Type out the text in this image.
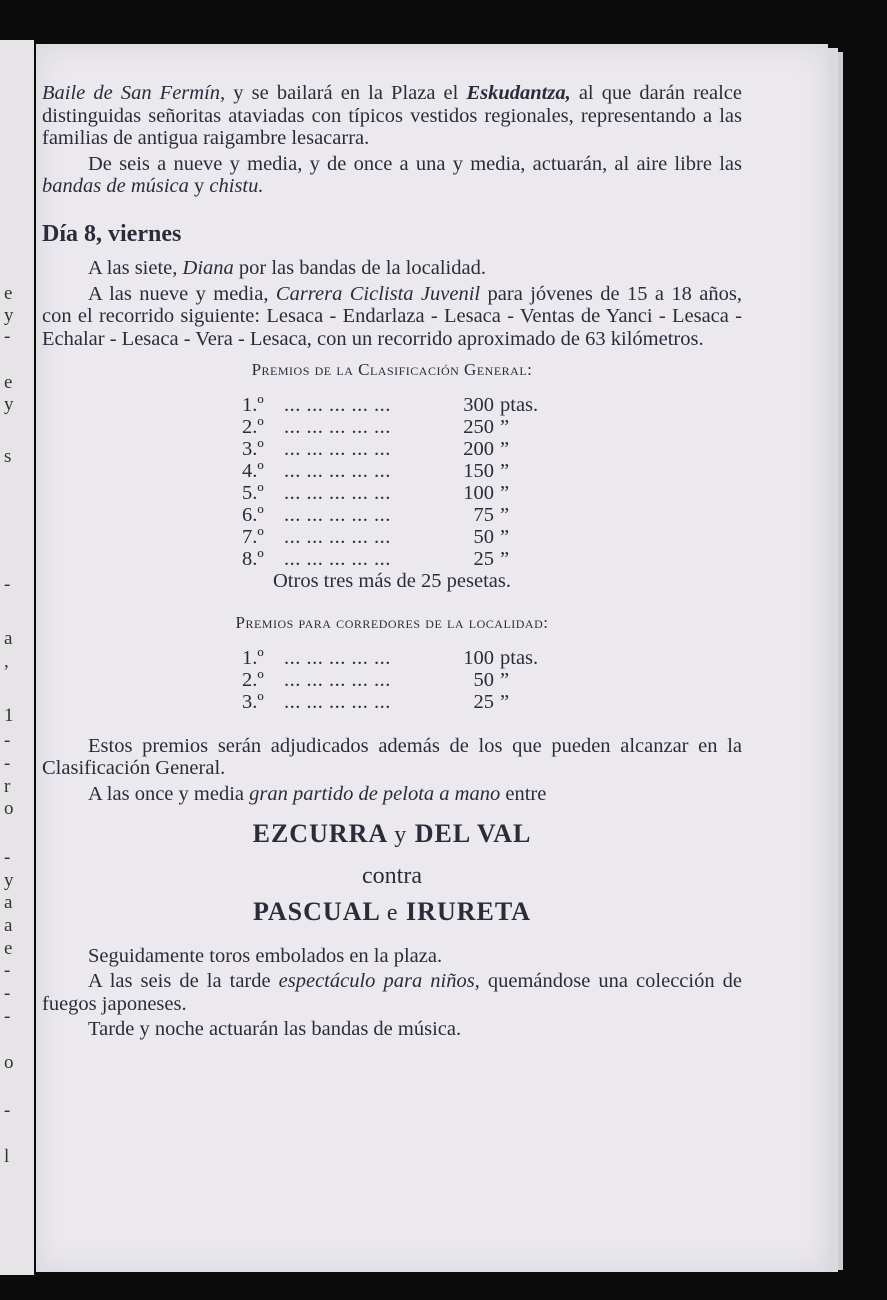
e
y
-
e
y
s
-
a
,
1
-
-
r
o
-
y
a
a
e
-
-
-
o
-
l

Baile de San Fermín, y se bailará en la Plaza el Eskudantza, al que darán realce distinguidas señoritas ataviadas con típicos vestidos regionales, representando a las familias de antigua raigambre lesacarra.

De seis a nueve y media, y de once a una y media, actuarán, al aire libre las bandas de música y chistu.

Día 8, viernes

A las siete, Diana por las bandas de la localidad.

A las nueve y media, Carrera Ciclista Juvenil para jóvenes de 15 a 18 años, con el recorrido siguiente: Lesaca - Endarlaza - Lesaca - Ventas de Yanci - Lesaca - Echalar - Lesaca - Vera - Lesaca, con un recorrido aproximado de 63 kilómetros.

Premios de la Clasificación General:
1.º ... ... ... ... ...	300 ptas.
2.º ... ... ... ... ...	250 ”
3.º ... ... ... ... ...	200 ”
4.º ... ... ... ... ...	150 ”
5.º ... ... ... ... ...	100 ”
6.º ... ... ... ... ...	75 ”
7.º ... ... ... ... ...	50 ”
8.º ... ... ... ... ...	25 ”

Otros tres más de 25 pesetas.

Premios para corredores de la localidad:
1.º ... ... ... ... ...	100 ptas.
2.º ... ... ... ... ...	50 ”
3.º ... ... ... ... ...	25 ”

Estos premios serán adjudicados además de los que pueden alcanzar en la Clasificación General.

A las once y media gran partido de pelota a mano entre

EZCURRA y DEL VAL
contra
PASCUAL e IRURETA

Seguidamente toros embolados en la plaza.

A las seis de la tarde espectáculo para niños, quemándose una colección de fuegos japoneses.

Tarde y noche actuarán las bandas de música.
